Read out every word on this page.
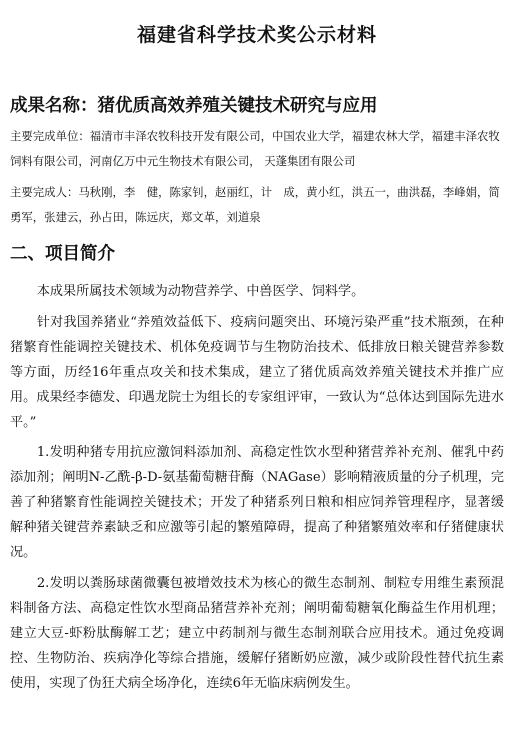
福建省科学技术奖公示材料
成果名称：猪优质高效养殖关键技术研究与应用
主要完成单位：福清市丰泽农牧科技开发有限公司，中国农业大学，福建农林大学，福建丰泽农牧饲料有限公司，河南亿万中元生物技术有限公司， 天蓬集团有限公司
主要完成人：马秋刚，李　健，陈家钊，赵丽红，计　成，黄小红，洪五一，曲洪磊，李峰娟，简勇军，张建云，孙占田，陈远庆，郑文革，刘道泉
二、项目简介

本成果所属技术领域为动物营养学、中兽医学、饲料学。

针对我国养猪业“养殖效益低下、疫病问题突出、环境污染严重”技术瓶颈，在种猪繁育性能调控关键技术、机体免疫调节与生物防治技术、低排放日粮关键营养参数等方面，历经16年重点攻关和技术集成，建立了猪优质高效养殖关键技术并推广应用。成果经李德发、印遇龙院士为组长的专家组评审，一致认为“总体达到国际先进水平。”

1.发明种猪专用抗应激饲料添加剂、高稳定性饮水型种猪营养补充剂、催乳中药添加剂；阐明N-乙酰-β-D-氨基葡萄糖苷酶（NAGase）影响精液质量的分子机理，完善了种猪繁育性能调控关键技术；开发了种猪系列日粮和相应饲养管理程序，显著缓解种猪关键营养素缺乏和应激等引起的繁殖障碍，提高了种猪繁殖效率和仔猪健康状况。

2.发明以粪肠球菌微囊包被增效技术为核心的微生态制剂、制粒专用维生素预混料制备方法、高稳定性饮水型商品猪营养补充剂；阐明葡萄糖氧化酶益生作用机理；建立大豆-虾粉肽酶解工艺；建立中药制剂与微生态制剂联合应用技术。通过免疫调控、生物防治、疾病净化等综合措施，缓解仔猪断奶应激，减少或阶段性替代抗生素使用，实现了伪狂犬病全场净化，连续6年无临床病例发生。
